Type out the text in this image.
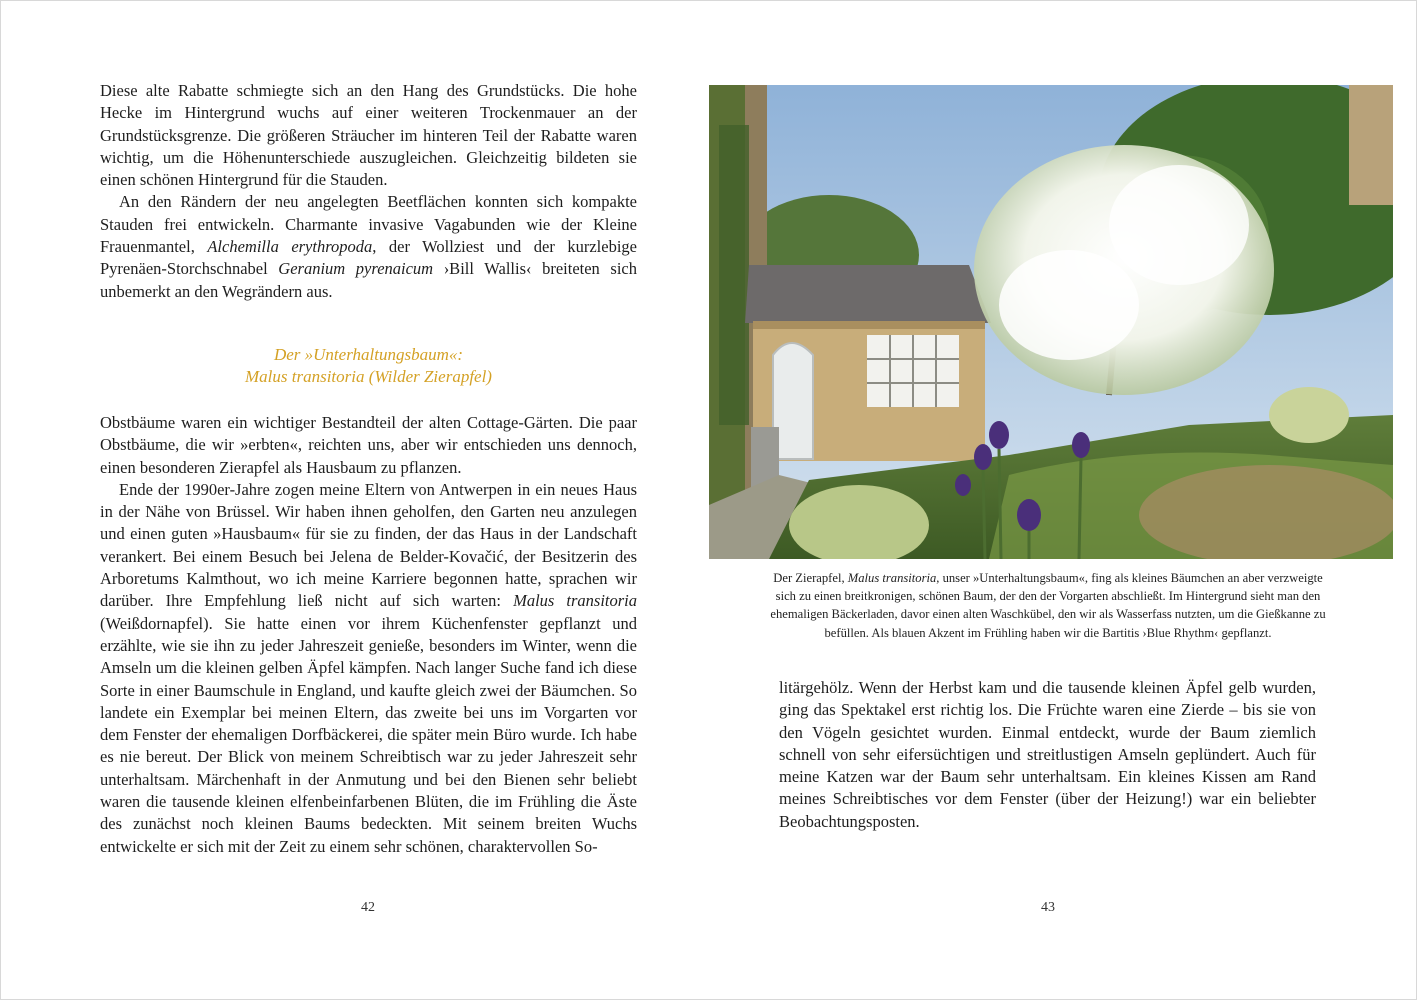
Diese alte Rabatte schmiegte sich an den Hang des Grundstücks. Die hohe Hecke im Hintergrund wuchs auf einer weiteren Trockenmauer an der Grundstücksgrenze. Die größeren Sträucher im hinteren Teil der Rabatte waren wichtig, um die Höhenunterschiede auszugleichen. Gleichzeitig bildeten sie einen schönen Hintergrund für die Stauden.

An den Rändern der neu angelegten Beetflächen konnten sich kompakte Stauden frei entwickeln. Charmante invasive Vagabunden wie der Kleine Frauenmantel, Alchemilla erythropoda, der Wollziest und der kurzlebige Pyrenäen-Storchschnabel Geranium pyrenaicum ›Bill Wallis‹ breiteten sich unbemerkt an den Wegrändern aus.

Der »Unterhaltungsbaum«:
Malus transitoria (Wilder Zierapfel)

Obstbäume waren ein wichtiger Bestandteil der alten Cottage-Gärten. Die paar Obstbäume, die wir »erbten«, reichten uns, aber wir entschieden uns dennoch, einen besonderen Zierapfel als Hausbaum zu pflanzen.

Ende der 1990er-Jahre zogen meine Eltern von Antwerpen in ein neues Haus in der Nähe von Brüssel. Wir haben ihnen geholfen, den Garten neu anzulegen und einen guten »Hausbaum« für sie zu finden, der das Haus in der Landschaft verankert. Bei einem Besuch bei Jelena de Belder-Kovačić, der Besitzerin des Arboretums Kalmthout, wo ich meine Karriere begonnen hatte, sprachen wir darüber. Ihre Empfehlung ließ nicht auf sich warten: Malus transitoria (Weißdornapfel). Sie hatte einen vor ihrem Küchenfenster gepflanzt und erzählte, wie sie ihn zu jeder Jahreszeit genieße, besonders im Winter, wenn die Amseln um die kleinen gelben Äpfel kämpfen. Nach langer Suche fand ich diese Sorte in einer Baumschule in England, und kaufte gleich zwei der Bäumchen. So landete ein Exemplar bei meinen Eltern, das zweite bei uns im Vorgarten vor dem Fenster der ehemaligen Dorfbäckerei, die später mein Büro wurde. Ich habe es nie bereut. Der Blick von meinem Schreibtisch war zu jeder Jahreszeit sehr unterhaltsam. Märchenhaft in der Anmutung und bei den Bienen sehr beliebt waren die tausende kleinen elfenbeinfarbenen Blüten, die im Frühling die Äste des zunächst noch kleinen Baums bedeckten. Mit seinem breiten Wuchs entwickelte er sich mit der Zeit zu einem sehr schönen, charaktervollen So-

42
Der Zierapfel, Malus transitoria, unser »Unterhaltungsbaum«, fing als kleines Bäumchen an aber verzweigte sich zu einen breitkronigen, schönen Baum, der den der Vorgarten abschließt. Im Hintergrund sieht man den ehemaligen Bäckerladen, davor einen alten Waschkübel, den wir als Wasserfass nutzten, um die Gießkanne zu befüllen. Als blauen Akzent im Frühling haben wir die Bartitis ›Blue Rhythm‹ gepflanzt.

litärgehölz. Wenn der Herbst kam und die tausende kleinen Äpfel gelb wurden, ging das Spektakel erst richtig los. Die Früchte waren eine Zierde – bis sie von den Vögeln gesichtet wurden. Einmal entdeckt, wurde der Baum ziemlich schnell von sehr eifersüchtigen und streitlustigen Amseln geplündert. Auch für meine Katzen war der Baum sehr unterhaltsam. Ein kleines Kissen am Rand meines Schreibtisches vor dem Fenster (über der Heizung!) war ein beliebter Beobachtungsposten.

43
